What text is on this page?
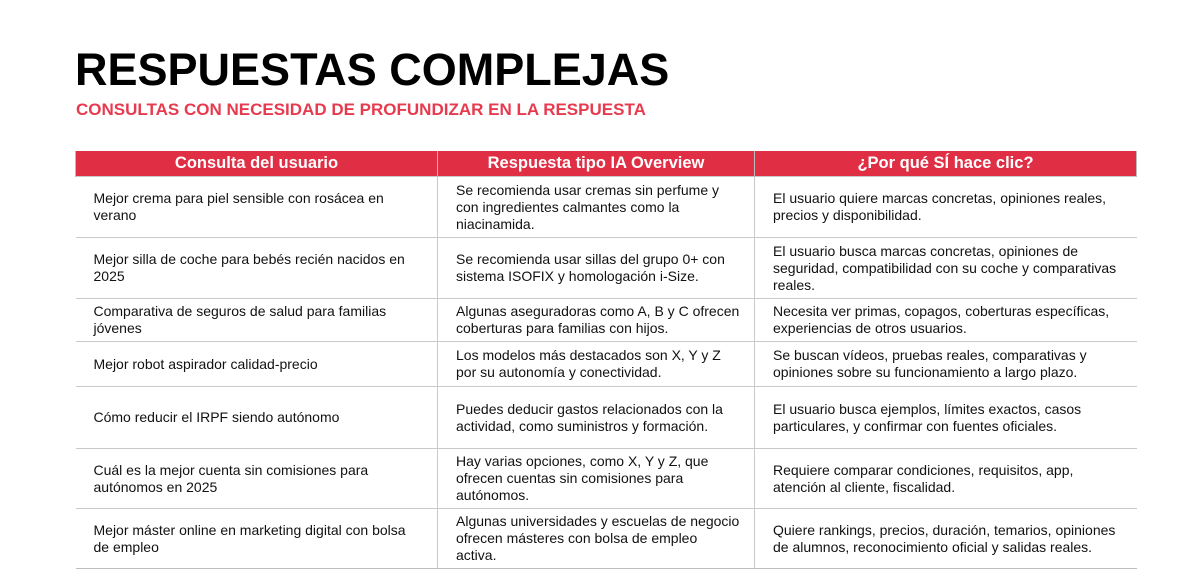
RESPUESTAS COMPLEJAS
CONSULTAS CON NECESIDAD DE PROFUNDIZAR EN LA RESPUESTA
Consulta del usuario	Respuesta tipo IA Overview	¿Por qué SÍ hace clic?
Mejor crema para piel sensible con rosácea en verano	Se recomienda usar cremas sin perfume y con ingredientes calmantes como la niacinamida.	El usuario quiere marcas concretas, opiniones reales, precios y disponibilidad.
Mejor silla de coche para bebés recién nacidos en 2025	Se recomienda usar sillas del grupo 0+ con sistema ISOFIX y homologación i-Size.	El usuario busca marcas concretas, opiniones de seguridad, compatibilidad con su coche y comparativas reales.
Comparativa de seguros de salud para familias jóvenes	Algunas aseguradoras como A, B y C ofrecen coberturas para familias con hijos.	Necesita ver primas, copagos, coberturas específicas, experiencias de otros usuarios.
Mejor robot aspirador calidad-precio	Los modelos más destacados son X, Y y Z por su autonomía y conectividad.	Se buscan vídeos, pruebas reales, comparativas y opiniones sobre su funcionamiento a largo plazo.
Cómo reducir el IRPF siendo autónomo	Puedes deducir gastos relacionados con la actividad, como suministros y formación.	El usuario busca ejemplos, límites exactos, casos particulares, y confirmar con fuentes oficiales.
Cuál es la mejor cuenta sin comisiones para autónomos en 2025	Hay varias opciones, como X, Y y Z, que ofrecen cuentas sin comisiones para autónomos.	Requiere comparar condiciones, requisitos, app, atención al cliente, fiscalidad.
Mejor máster online en marketing digital con bolsa de empleo	Algunas universidades y escuelas de negocio ofrecen másteres con bolsa de empleo activa.	Quiere rankings, precios, duración, temarios, opiniones de alumnos, reconocimiento oficial y salidas reales.
